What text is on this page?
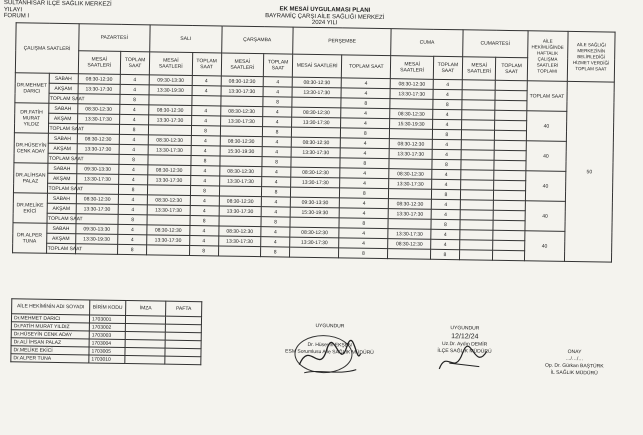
SULTANHİSAR İLÇE SAĞLIK MERKEZİ
YILAYI
FORUM I
EK MESAİ UYGULAMASI PLANI
BAYRAMİÇ ÇARŞI AİLE SAĞLIĞI MERKEZİ
2024 YILI
ÇALIŞMA SAATLERİ		PAZARTESİ		SALI		ÇARŞAMBA		PERŞEMBE		CUMA		CUMARTESİ		AİLE HEKİMLİĞİNDE HAFTALIK ÇALIŞMA SAATLERİ TOPLAMI	AİLE SAĞLIĞI MERKEZİNİN BELİRLEDİĞİ HİZMET VERDİĞİ TOPLAM SAAT
		MESAİ SAATLERİ	TOPLAM SAAT	MESAİ SAATLERİ	TOPLAM SAAT	MESAİ SAATLERİ	TOPLAM SAAT	MESAİ SAATLERİ	TOPLAM SAAT	MESAİ SAATLERİ	TOPLAM SAAT	MESAİ SAATLERİ	TOPLAM SAAT		
DR.MEHMET DARICI	SABAH	08:30-12:30	4	09:30-13:30	4	08:30-12:30	4	08:30-12:30	4	08:30-12:30	4			TOPLAM SAAT	50
	AKŞAM	13:30-17:30	4	13:30-19:30	4	13:30-17:30	4	13:30-17:30	4	13:30-17:30	4				
	TOPLAM SAAT		8				8		8		8				
DR.FATİH MURAT YILDIZ	SABAH	08:30-12:30	4	08:30-12:30	4	08:30-12:30	4	08:30-12:30	4	08:30-12:30	4			40	
	AKŞAM	13:30-17:30	4	13:30-17:30	4	13:30-17:30	4	13:30-17:30	4	15:30-19:30	4				
	TOPLAM SAAT		8		8		8		8		8				
DR.HÜSEYİN CENK ADAY	SABAH	08:30-12:30	4	08:30-12:30	4	08:30-12:30	4	08:30-12:30	4	08:30-12:30	4			40	
	AKŞAM	13:30-17:30	4	13:30-17:30	4	15:30-19:30	4	13:30-17:30	4	13:30-17:30	4				
	TOPLAM SAAT		8		8		8		8		8				
DR.ALİHSAN PALAZ	SABAH	09:30-13:30	4	08:30-12:30	4	08:30-12:30	4	08:30-12:30	4	08:30-12:30	4			40	
	AKŞAM	13:30-17:30	4	13:30-17:30	4	13:30-17:30	4	13:30-17:30	4	13:30-17:30	4				
	TOPLAM SAAT		8		8		8		8		8				
DR.MELİKE EKİCİ	SABAH	08:30-12:30	4	08:30-12:30	4	08:30-12:30	4	09:30-13:30	4	08:30-12:30	4			40	
	AKŞAM	13:30-17:30	4	13:30-17:30	4	13:30-17:30	4	15:30-19:30	4	13:30-17:30	4				
	TOPLAM SAAT		8		8		8		8		8				
DR.ALPER TUNA	SABAH	09:30-13:30	4	08:30-12:30	4	08:30-12:30	4	08:30-12:30	4	13:30-17:30	4			40	
	AKŞAM	13:30-19:30	4	13:30-17:30	4	13:30-17:30	4	13:30-17:30	4	08:30-12:30	4				
	TOPLAM SAAT		8		8		8		8		8				
AİLE HEKİMİNİN ADI SOYADI	BİRİM KODU	İMZA	PAFTA
Dr.MEHMET DARICI	1703001		
Dr.FATİH MURAT YILDIZ	1703002		
Dr.HÜSEYİN CENK ADAY	1703003		
Dr.ALİ İHSAN PALAZ	1703004		
Dr.MELİKE EKİCİ	1703005		
Dr.ALPER TUNA	1703010		
UYGUNDUR
Dr. Hüseyin EKŞEN
ESM Sorumlusu Aile SAĞLIK MÜDÜRÜ
UYGUNDUR
12/12/24
Uz.Dr. Aydın DEMİR
İLÇE SAĞLIK MÜDÜRÜ	ONAY
…/…/…
Op. Dr. Gürkan BAŞTÜRK
İL SAĞLIK MÜDÜRÜ
